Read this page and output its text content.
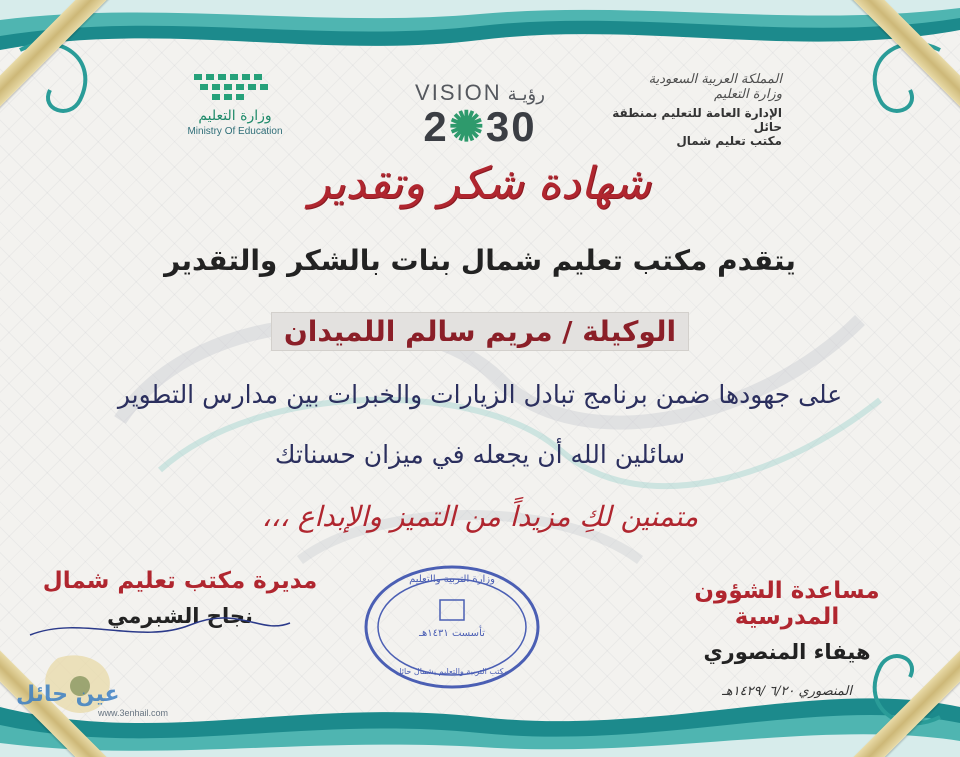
وزارة التعليم
Ministry Of Education
VISION رؤيـة
2✺30
المملكة العربية السعودية
وزارة التعليم
الإدارة العامة للتعليم بمنطقة حائل
مكتب تعليم شمال
شهادة شكر وتقدير
يتقدم مكتب تعليم شمال بنات بالشكر والتقدير
الوكيلة / مريم سالم اللميدان
على جهودها ضمن برنامج تبادل الزيارات والخبرات بين مدارس التطوير
سائلين الله أن يجعله في ميزان حسناتك
متمنين لكِ مزيداً من التميز والإبداع ،،،
مديرة مكتب تعليم شمال
نجاح الشبرمي
مساعدة الشؤون المدرسية
هيفاء المنصوري
المنصوري ٦/٢٠ /١٤٢٩هـ
وزارة التربية والتعليم
تأسست ١٤٣١هـ
مكتب التربية والتعليم بشمال حائل
عين حائل
www.3enhail.com
